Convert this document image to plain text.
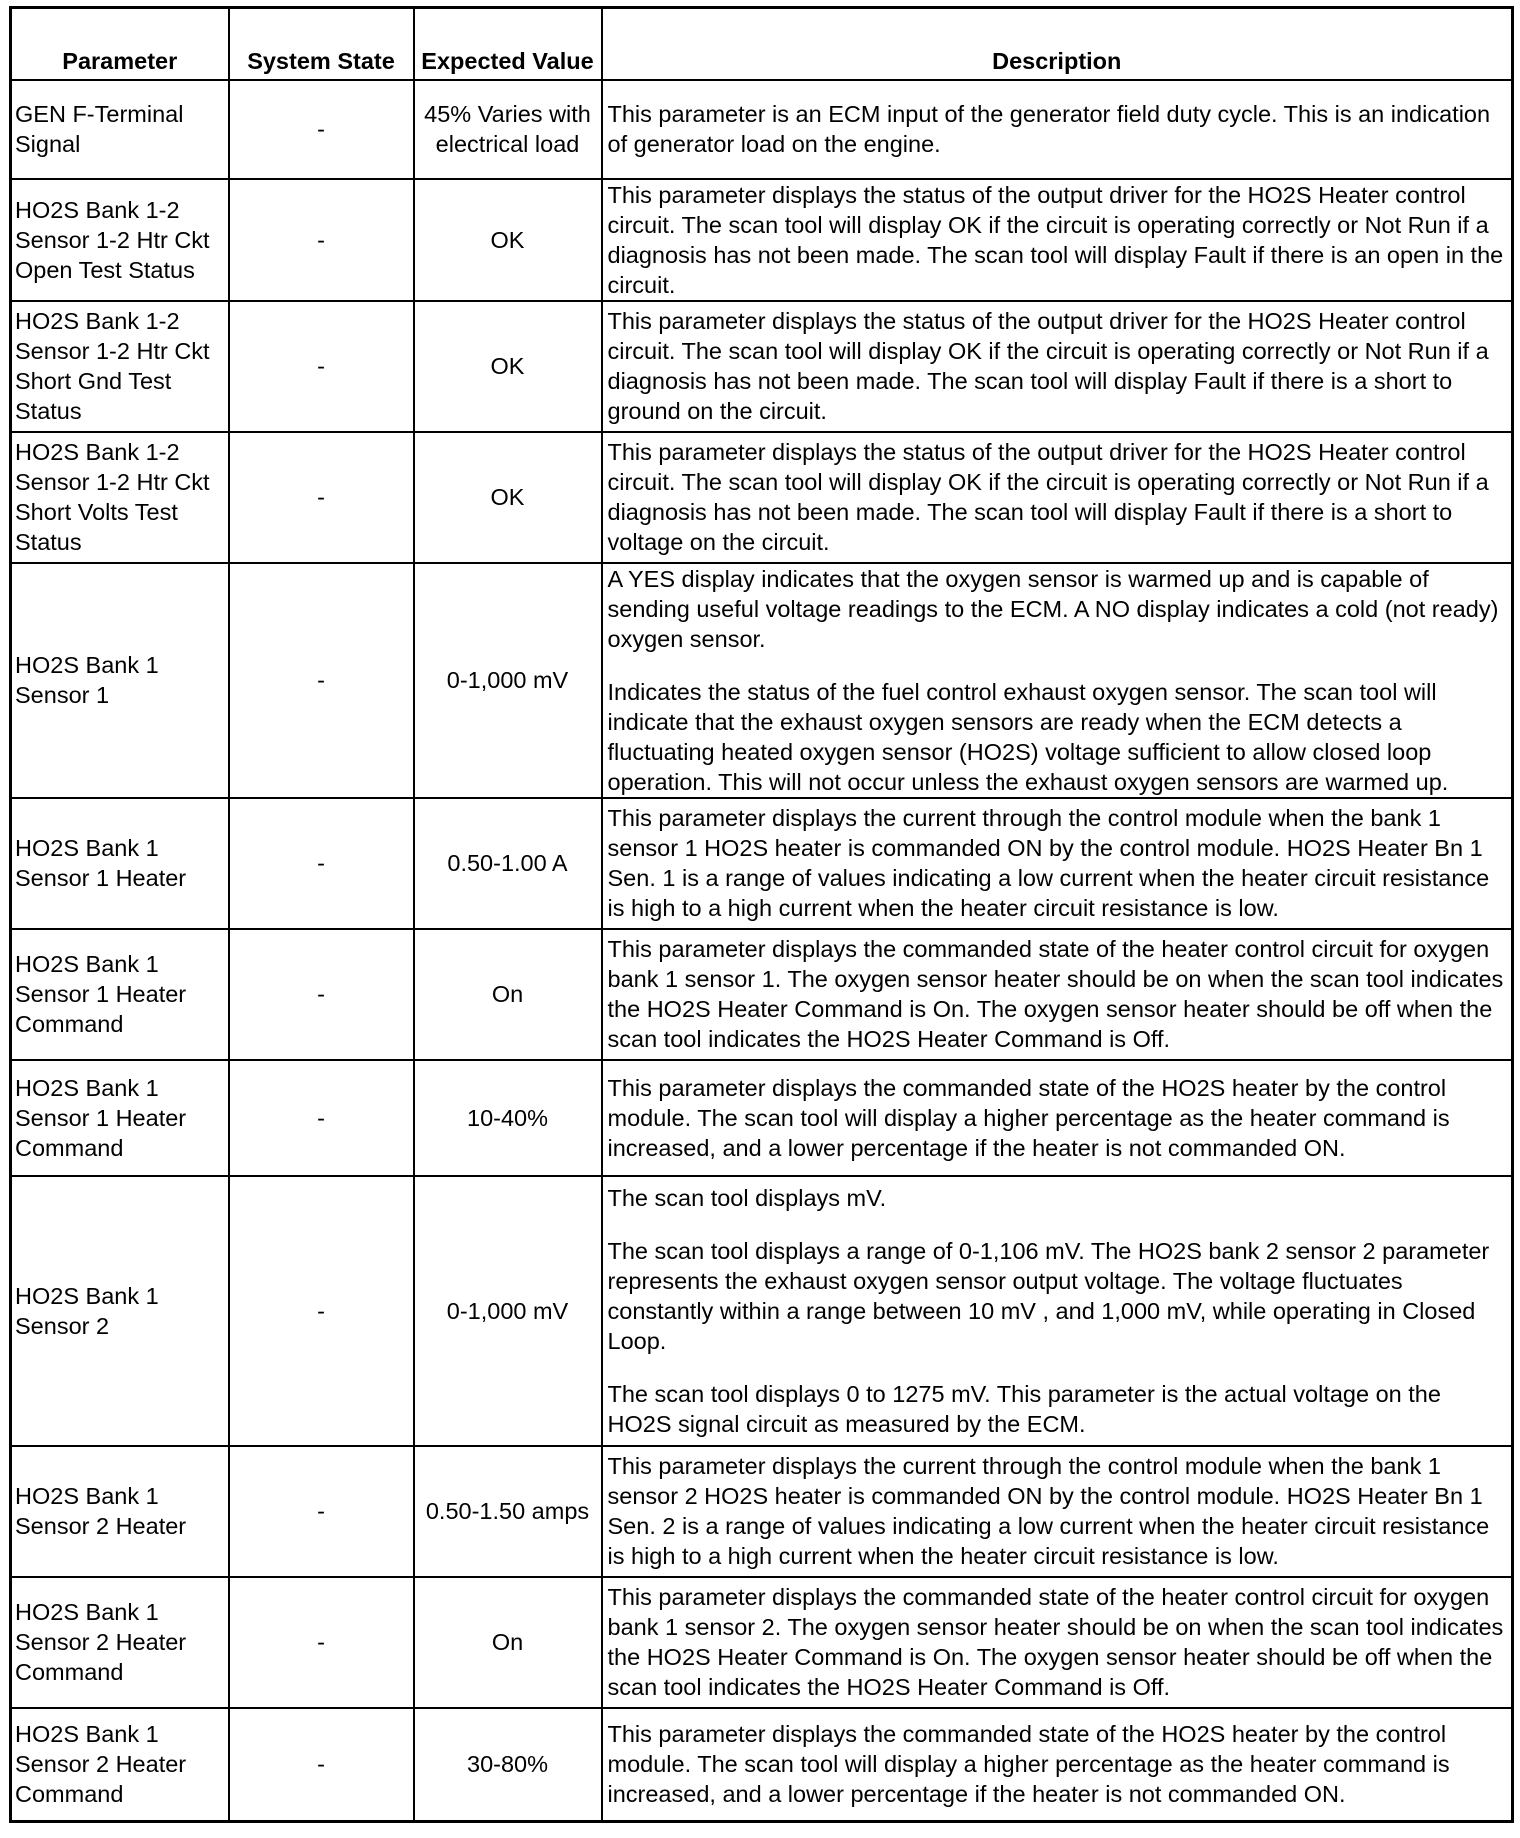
Parameter	System State	Expected Value	Description
GEN F-Terminal Signal	-	45% Varies with electrical load	This parameter is an ECM input of the generator field duty cycle. This is an indication of generator load on the engine.

HO2S Bank 1-2 Sensor 1-2 Htr Ckt Open Test Status	-	OK	This parameter displays the status of the output driver for the HO2S Heater control circuit. The scan tool will display OK if the circuit is operating correctly or Not Run if a diagnosis has not been made. The scan tool will display Fault if there is an open in the circuit.

HO2S Bank 1-2 Sensor 1-2 Htr Ckt Short Gnd Test Status	-	OK	This parameter displays the status of the output driver for the HO2S Heater control circuit. The scan tool will display OK if the circuit is operating correctly or Not Run if a diagnosis has not been made. The scan tool will display Fault if there is a short to ground on the circuit.

HO2S Bank 1-2 Sensor 1-2 Htr Ckt Short Volts Test Status	-	OK	This parameter displays the status of the output driver for the HO2S Heater control circuit. The scan tool will display OK if the circuit is operating correctly or Not Run if a diagnosis has not been made. The scan tool will display Fault if there is a short to voltage on the circuit.

HO2S Bank 1 Sensor 1	-	0-1,000 mV	A YES display indicates that the oxygen sensor is warmed up and is capable of sending useful voltage readings to the ECM. A NO display indicates a cold (not ready) oxygen sensor.

Indicates the status of the fuel control exhaust oxygen sensor. The scan tool will indicate that the exhaust oxygen sensors are ready when the ECM detects a fluctuating heated oxygen sensor (HO2S) voltage sufficient to allow closed loop operation. This will not occur unless the exhaust oxygen sensors are warmed up.

HO2S Bank 1 Sensor 1 Heater	-	0.50-1.00 A	This parameter displays the current through the control module when the bank 1 sensor 1 HO2S heater is commanded ON by the control module. HO2S Heater Bn 1 Sen. 1 is a range of values indicating a low current when the heater circuit resistance is high to a high current when the heater circuit resistance is low.

HO2S Bank 1 Sensor 1 Heater Command	-	On	This parameter displays the commanded state of the heater control circuit for oxygen bank 1 sensor 1. The oxygen sensor heater should be on when the scan tool indicates the HO2S Heater Command is On. The oxygen sensor heater should be off when the scan tool indicates the HO2S Heater Command is Off.

HO2S Bank 1 Sensor 1 Heater Command	-	10-40%	This parameter displays the commanded state of the HO2S heater by the control module. The scan tool will display a higher percentage as the heater command is increased, and a lower percentage if the heater is not commanded ON.

HO2S Bank 1 Sensor 2	-	0-1,000 mV	The scan tool displays mV.

The scan tool displays a range of 0-1,106 mV. The HO2S bank 2 sensor 2 parameter represents the exhaust oxygen sensor output voltage. The voltage fluctuates constantly within a range between 10 mV , and 1,000 mV, while operating in Closed Loop.

The scan tool displays 0 to 1275 mV. This parameter is the actual voltage on the HO2S signal circuit as measured by the ECM.

HO2S Bank 1 Sensor 2 Heater	-	0.50-1.50 amps	This parameter displays the current through the control module when the bank 1 sensor 2 HO2S heater is commanded ON by the control module. HO2S Heater Bn 1 Sen. 2 is a range of values indicating a low current when the heater circuit resistance is high to a high current when the heater circuit resistance is low.

HO2S Bank 1 Sensor 2 Heater Command	-	On	This parameter displays the commanded state of the heater control circuit for oxygen bank 1 sensor 2. The oxygen sensor heater should be on when the scan tool indicates the HO2S Heater Command is On. The oxygen sensor heater should be off when the scan tool indicates the HO2S Heater Command is Off.

HO2S Bank 1 Sensor 2 Heater Command	-	30-80%	This parameter displays the commanded state of the HO2S heater by the control module. The scan tool will display a higher percentage as the heater command is increased, and a lower percentage if the heater is not commanded ON.
